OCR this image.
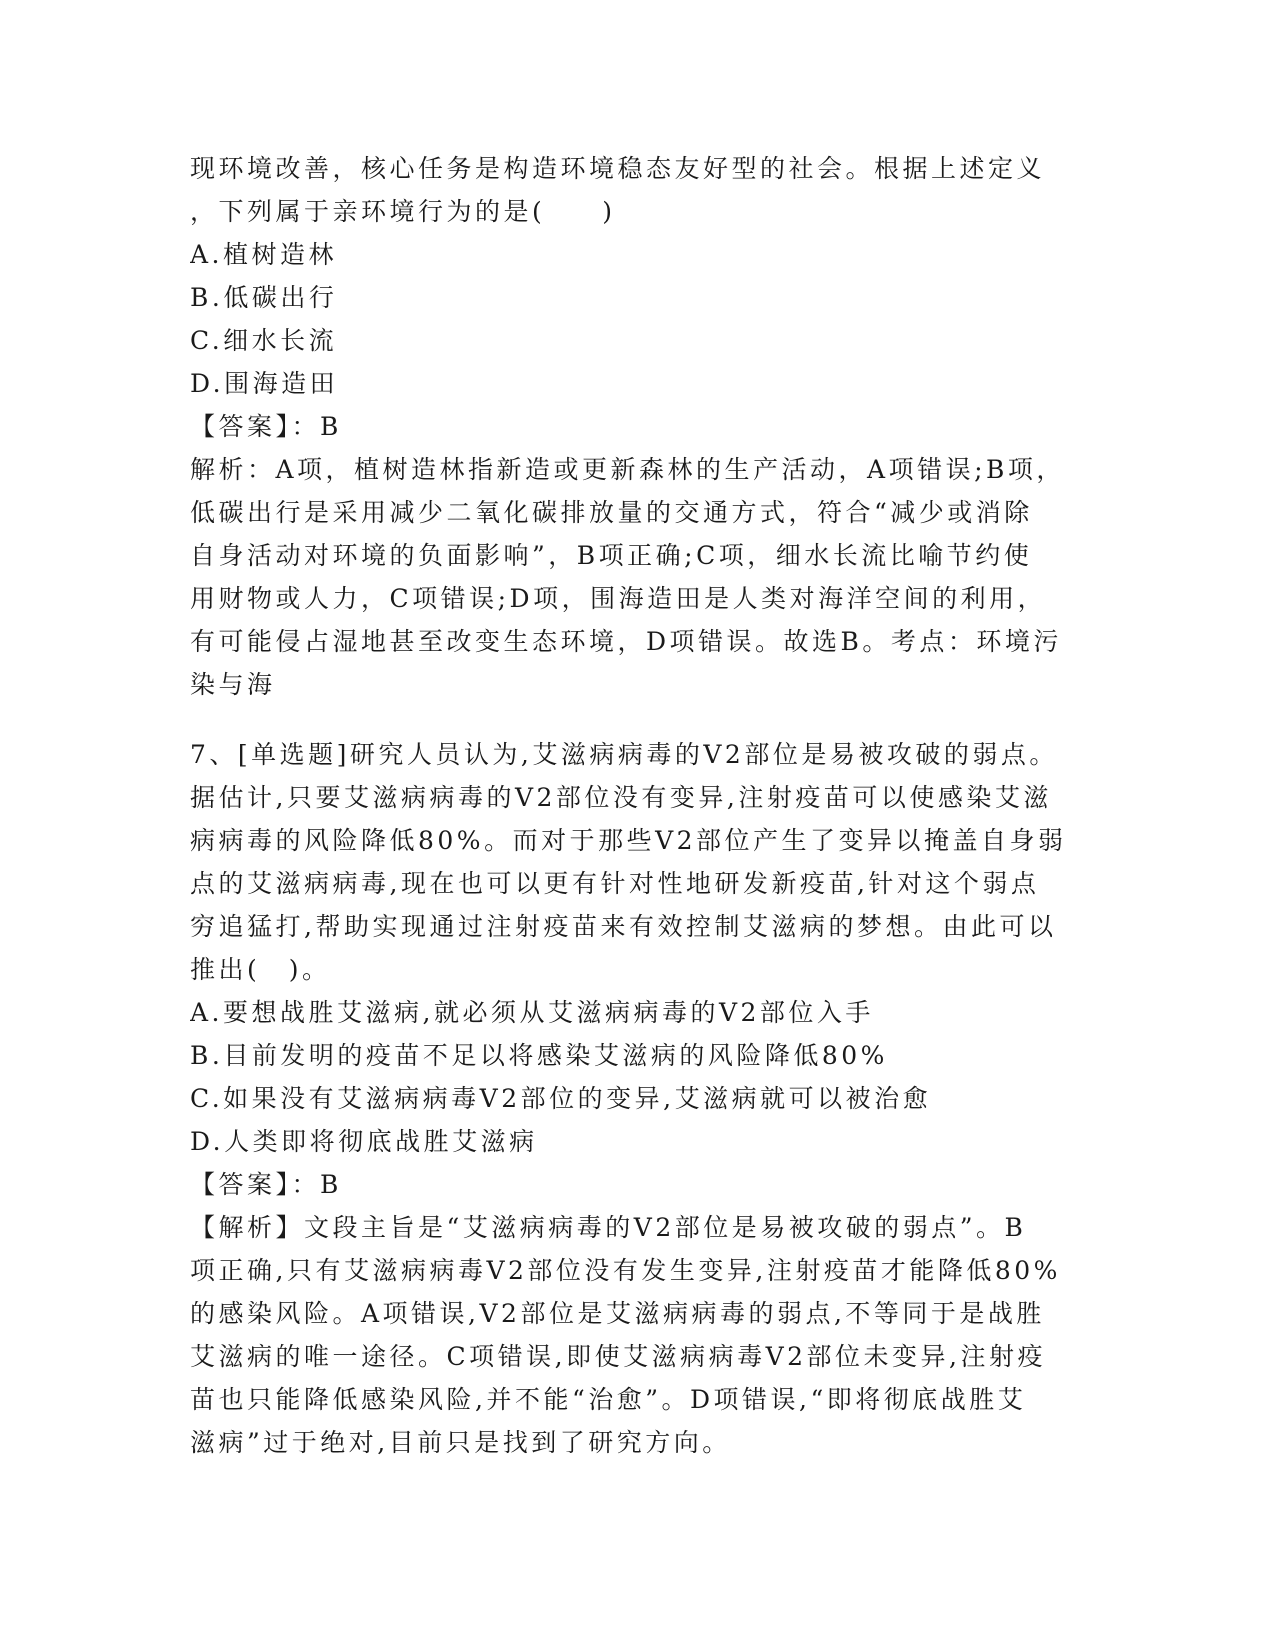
现环境改善，核心任务是构造环境稳态友好型的社会。根据上述定义
，下列属于亲环境行为的是(　　)
A.植树造林
B.低碳出行
C.细水长流
D.围海造田
【答案】：B
解析：A项，植树造林指新造或更新森林的生产活动，A项错误;B项，
低碳出行是采用减少二氧化碳排放量的交通方式，符合“减少或消除
自身活动对环境的负面影响”，B项正确;C项，细水长流比喻节约使
用财物或人力，C项错误;D项，围海造田是人类对海洋空间的利用，
有可能侵占湿地甚至改变生态环境，D项错误。故选B。考点：环境污
染与海
7、[单选题]研究人员认为,艾滋病病毒的V2部位是易被攻破的弱点。
据估计,只要艾滋病病毒的V2部位没有变异,注射疫苗可以使感染艾滋
病病毒的风险降低80%。而对于那些V2部位产生了变异以掩盖自身弱
点的艾滋病病毒,现在也可以更有针对性地研发新疫苗,针对这个弱点
穷追猛打,帮助实现通过注射疫苗来有效控制艾滋病的梦想。由此可以
推出(　)。
A.要想战胜艾滋病,就必须从艾滋病病毒的V2部位入手
B.目前发明的疫苗不足以将感染艾滋病的风险降低80%
C.如果没有艾滋病病毒V2部位的变异,艾滋病就可以被治愈
D.人类即将彻底战胜艾滋病
【答案】：B
【解析】文段主旨是“艾滋病病毒的V2部位是易被攻破的弱点”。B
项正确,只有艾滋病病毒V2部位没有发生变异,注射疫苗才能降低80%
的感染风险。A项错误,V2部位是艾滋病病毒的弱点,不等同于是战胜
艾滋病的唯一途径。C项错误,即使艾滋病病毒V2部位未变异,注射疫
苗也只能降低感染风险,并不能“治愈”。D项错误,“即将彻底战胜艾
滋病”过于绝对,目前只是找到了研究方向。
